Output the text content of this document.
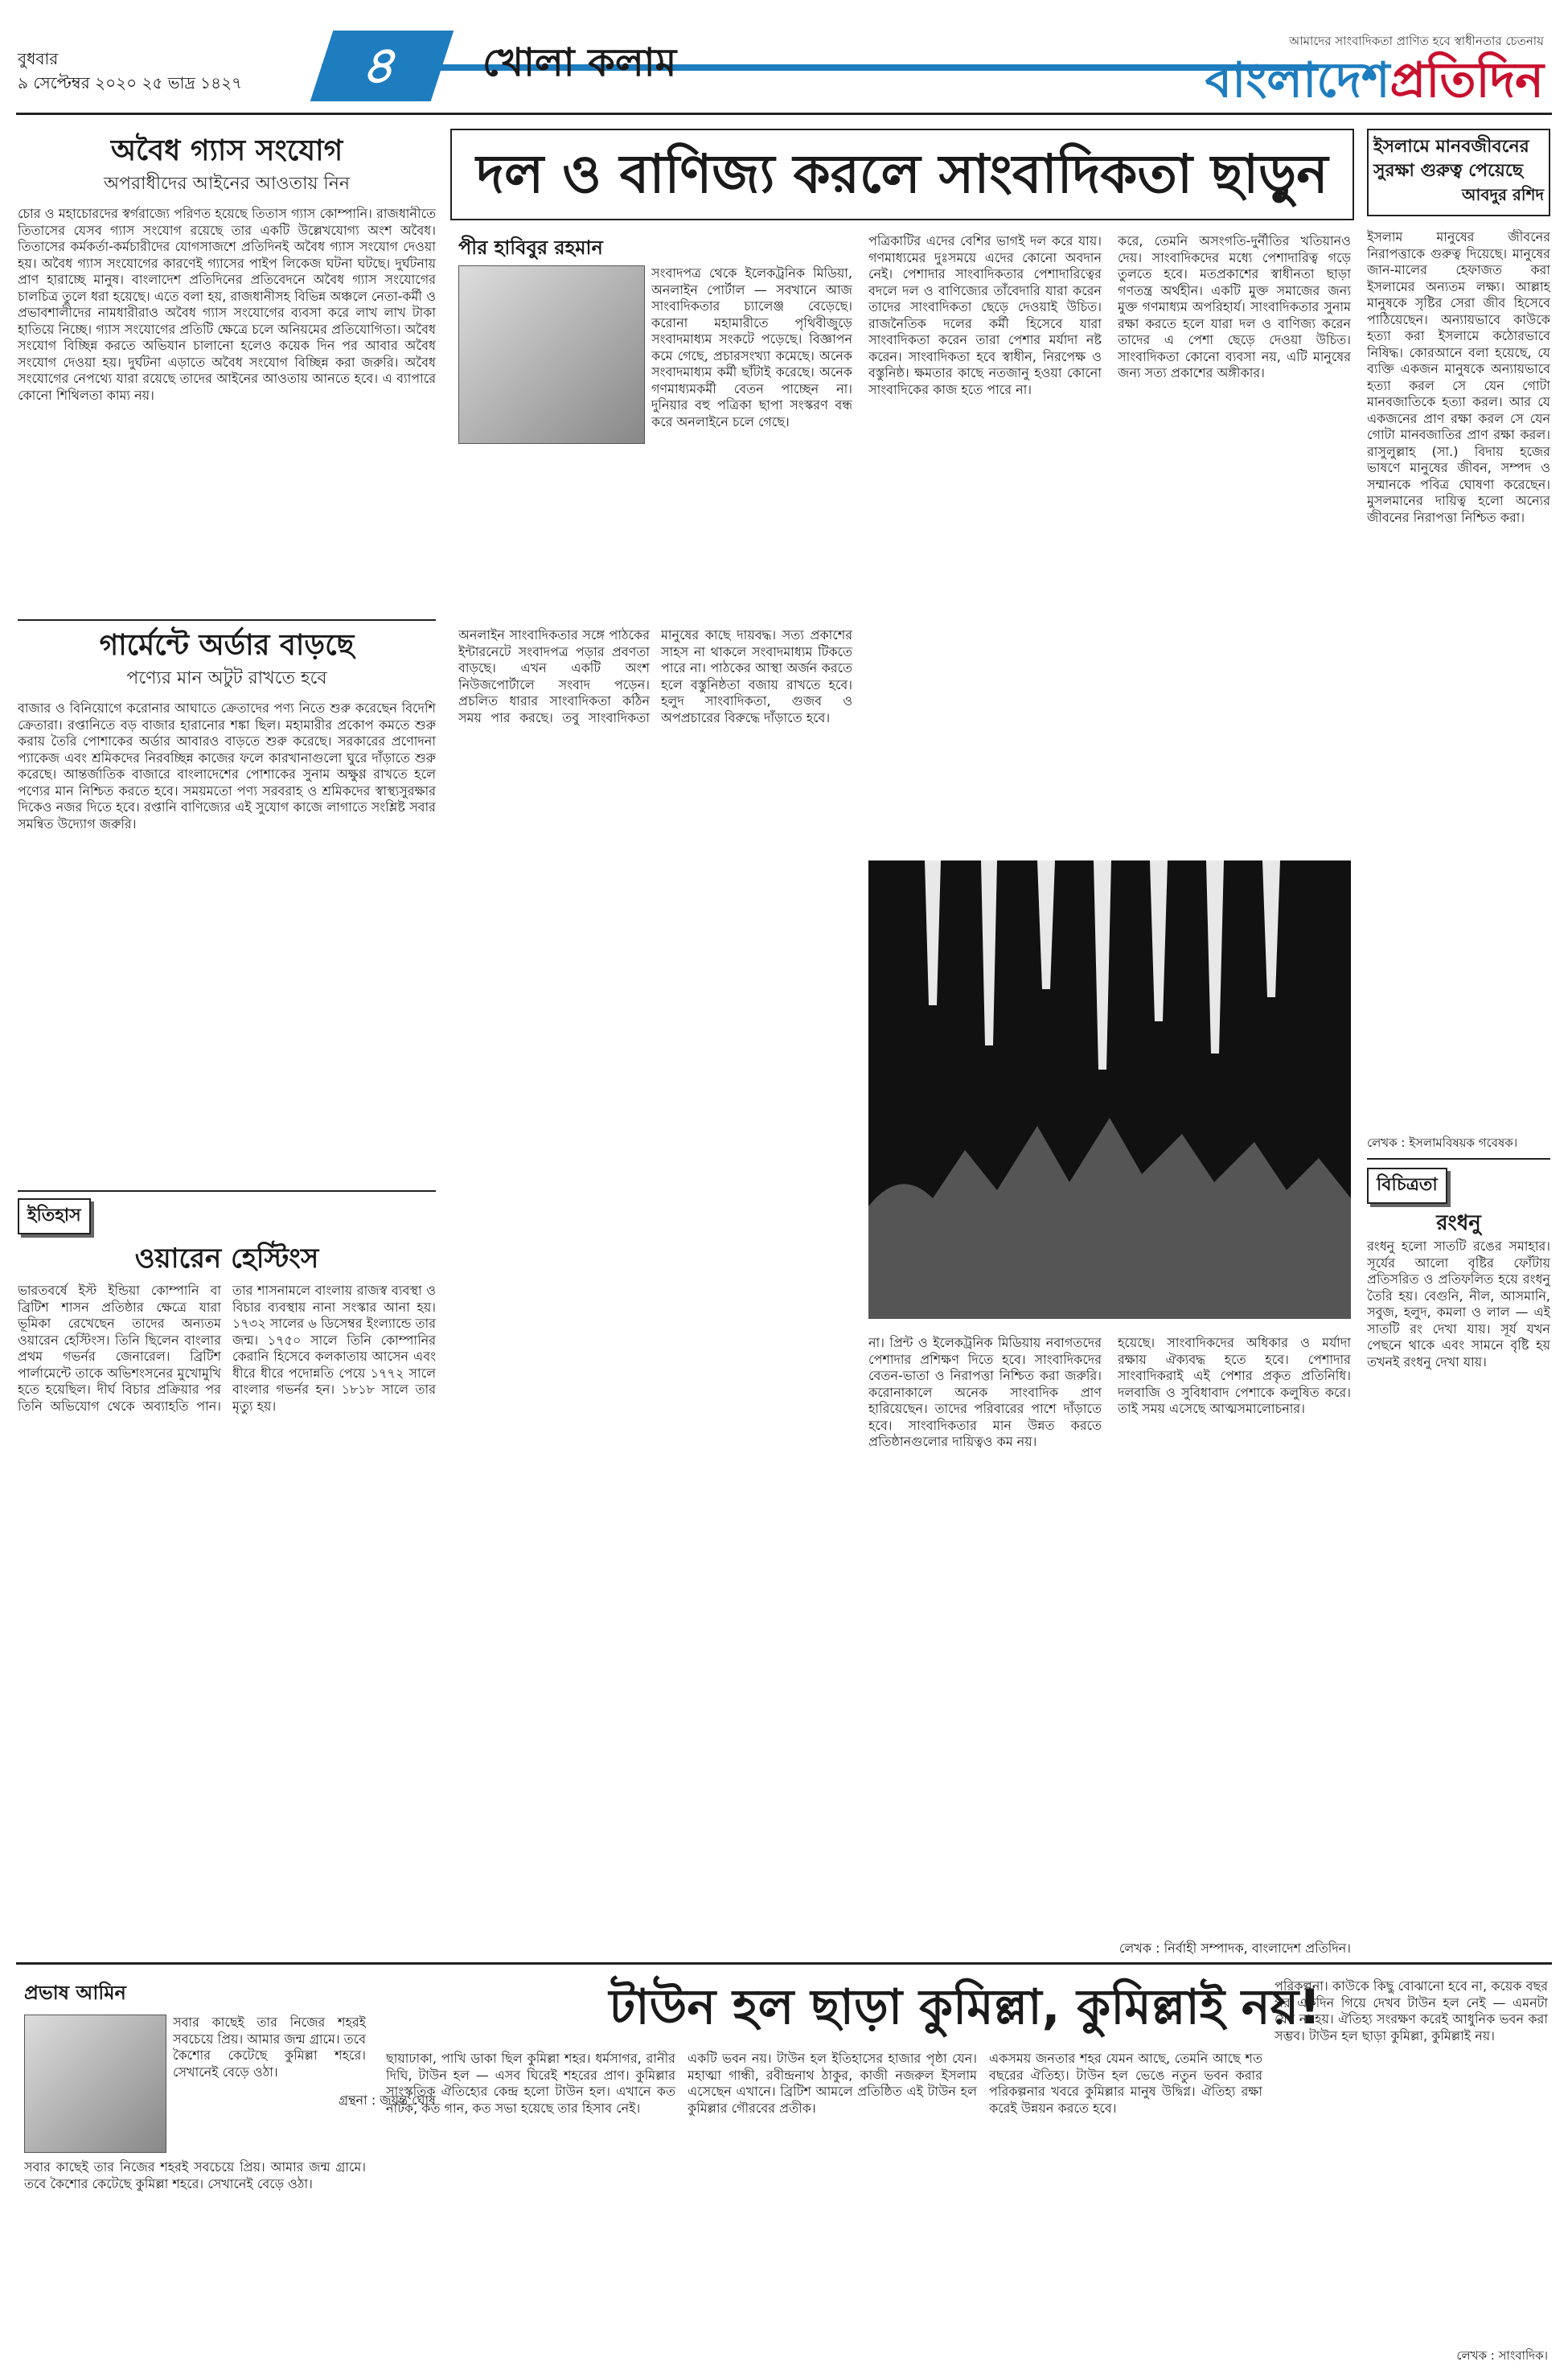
বুধবার
৯ সেপ্টেম্বর ২০২০ ২৫ ভাদ্র ১৪২৭	৪	খোলা কলাম	আমাদের সাংবাদিকতা প্রাণিত হবে স্বাধীনতার চেতনায়
বাংলাদেশপ্রতিদিন
অবৈধ গ্যাস সংযোগ
অপরাধীদের আইনের আওতায় নিন
চোর ও মহাচোরদের স্বর্গরাজ্যে পরিণত হয়েছে তিতাস গ্যাস কোম্পানি। রাজধানীতে তিতাসের যেসব গ্যাস সংযোগ রয়েছে তার একটি উল্লেখযোগ্য অংশ অবৈধ। তিতাসের কর্মকর্তা-কর্মচারীদের যোগসাজশে প্রতিদিনই অবৈধ গ্যাস সংযোগ দেওয়া হয়। অবৈধ গ্যাস সংযোগের কারণেই গ্যাসের পাইপ লিকেজ ঘটনা ঘটছে। দুর্ঘটনায় প্রাণ হারাচ্ছে মানুষ। বাংলাদেশ প্রতিদিনের প্রতিবেদনে অবৈধ গ্যাস সংযোগের চালচিত্র তুলে ধরা হয়েছে। এতে বলা হয়, রাজধানীসহ বিভিন্ন অঞ্চলে নেতা-কর্মী ও প্রভাবশালীদের নামধারীরাও অবৈধ গ্যাস সংযোগের ব্যবসা করে লাখ লাখ টাকা হাতিয়ে নিচ্ছে। গ্যাস সংযোগের প্রতিটি ক্ষেত্রে চলে অনিয়মের প্রতিযোগিতা। অবৈধ সংযোগ বিচ্ছিন্ন করতে অভিযান চালানো হলেও কয়েক দিন পর আবার অবৈধ সংযোগ দেওয়া হয়। দুর্ঘটনা এড়াতে অবৈধ সংযোগ বিচ্ছিন্ন করা জরুরি। অবৈধ সংযোগের নেপথ্যে যারা রয়েছে তাদের আইনের আওতায় আনতে হবে। এ ব্যাপারে কোনো শিথিলতা কাম্য নয়।
গার্মেন্টে অর্ডার বাড়ছে
পণ্যের মান অটুট রাখতে হবে
বাজার ও বিনিয়োগে করোনার আঘাতে ক্রেতাদের পণ্য নিতে শুরু করেছেন বিদেশি ক্রেতারা। রপ্তানিতে বড় বাজার হারানোর শঙ্কা ছিল। মহামারীর প্রকোপ কমতে শুরু করায় তৈরি পোশাকের অর্ডার আবারও বাড়তে শুরু করেছে। সরকারের প্রণোদনা প্যাকেজ এবং শ্রমিকদের নিরবচ্ছিন্ন কাজের ফলে কারখানাগুলো ঘুরে দাঁড়াতে শুরু করেছে। আন্তর্জাতিক বাজারে বাংলাদেশের পোশাকের সুনাম অক্ষুণ্ণ রাখতে হলে পণ্যের মান নিশ্চিত করতে হবে। সময়মতো পণ্য সরবরাহ ও শ্রমিকদের স্বাস্থ্যসুরক্ষার দিকেও নজর দিতে হবে। রপ্তানি বাণিজ্যের এই সুযোগ কাজে লাগাতে সংশ্লিষ্ট সবার সমন্বিত উদ্যোগ জরুরি।
ইতিহাস
ওয়ারেন হেস্টিংস
ভারতবর্ষে ইস্ট ইন্ডিয়া কোম্পানি বা ব্রিটিশ শাসন প্রতিষ্ঠার ক্ষেত্রে যারা ভূমিকা রেখেছেন তাদের অন্যতম ওয়ারেন হেস্টিংস। তিনি ছিলেন বাংলার প্রথম গভর্নর জেনারেল। ব্রিটিশ পার্লামেন্টে তাকে অভিশংসনের মুখোমুখি হতে হয়েছিল। দীর্ঘ বিচার প্রক্রিয়ার পর তিনি অভিযোগ থেকে অব্যাহতি পান। তার শাসনামলে বাংলায় রাজস্ব ব্যবস্থা ও বিচার ব্যবস্থায় নানা সংস্কার আনা হয়। ১৭৩২ সালের ৬ ডিসেম্বর ইংল্যান্ডে তার জন্ম। ১৭৫০ সালে তিনি কোম্পানির কেরানি হিসেবে কলকাতায় আসেন এবং ধীরে ধীরে পদোন্নতি পেয়ে ১৭৭২ সালে বাংলার গভর্নর হন। ১৮১৮ সালে তার মৃত্যু হয়।
গ্রন্থনা : জয়ন্ত ঘোষ
দল ও বাণিজ্য করলে সাংবাদিকতা ছাড়ুন
পীর হাবিবুর রহমান
সংবাদপত্র থেকে ইলেকট্রনিক মিডিয়া, অনলাইন পোর্টাল — সবখানে আজ সাংবাদিকতার চ্যালেঞ্জ বেড়েছে। করোনা মহামারীতে পৃথিবীজুড়ে সংবাদমাধ্যম সংকটে পড়েছে। বিজ্ঞাপন কমে গেছে, প্রচারসংখ্যা কমেছে। অনেক সংবাদমাধ্যম কর্মী ছাঁটাই করেছে। অনেক গণমাধ্যমকর্মী বেতন পাচ্ছেন না। দুনিয়ার বহু পত্রিকা ছাপা সংস্করণ বন্ধ করে অনলাইনে চলে গেছে।
অনলাইন সাংবাদিকতার সঙ্গে পাঠকের ইন্টারনেটে সংবাদপত্র পড়ার প্রবণতা বাড়ছে। এখন একটি অংশ নিউজপোর্টালে সংবাদ পড়েন। প্রচলিত ধারার সাংবাদিকতা কঠিন সময় পার করছে। তবু সাংবাদিকতা মানুষের কাছে দায়বদ্ধ। সত্য প্রকাশের সাহস না থাকলে সংবাদমাধ্যম টিকতে পারে না। পাঠকের আস্থা অর্জন করতে হলে বস্তুনিষ্ঠতা বজায় রাখতে হবে। হলুদ সাংবাদিকতা, গুজব ও অপপ্রচারের বিরুদ্ধে দাঁড়াতে হবে।
পত্রিকাটির এদের বেশির ভাগই দল করে যায়। গণমাধ্যমের দুঃসময়ে এদের কোনো অবদান নেই। পেশাদার সাংবাদিকতার পেশাদারিত্বের বদলে দল ও বাণিজ্যের তাঁবেদারি যারা করেন তাদের সাংবাদিকতা ছেড়ে দেওয়াই উচিত। রাজনৈতিক দলের কর্মী হিসেবে যারা সাংবাদিকতা করেন তারা পেশার মর্যাদা নষ্ট করেন। সাংবাদিকতা হবে স্বাধীন, নিরপেক্ষ ও বস্তুনিষ্ঠ। ক্ষমতার কাছে নতজানু হওয়া কোনো সাংবাদিকের কাজ হতে পারে না।
করে, তেমনি অসংগতি-দুর্নীতির খতিয়ানও দেয়। সাংবাদিকদের মধ্যে পেশাদারিত্ব গড়ে তুলতে হবে। মতপ্রকাশের স্বাধীনতা ছাড়া গণতন্ত্র অর্থহীন। একটি মুক্ত সমাজের জন্য মুক্ত গণমাধ্যম অপরিহার্য। সাংবাদিকতার সুনাম রক্ষা করতে হলে যারা দল ও বাণিজ্য করেন তাদের এ পেশা ছেড়ে দেওয়া উচিত। সাংবাদিকতা কোনো ব্যবসা নয়, এটি মানুষের জন্য সত্য প্রকাশের অঙ্গীকার।
না। প্রিন্ট ও ইলেকট্রনিক মিডিয়ায় নবাগতদের পেশাদার প্রশিক্ষণ দিতে হবে। সাংবাদিকদের বেতন-ভাতা ও নিরাপত্তা নিশ্চিত করা জরুরি। করোনাকালে অনেক সাংবাদিক প্রাণ হারিয়েছেন। তাদের পরিবারের পাশে দাঁড়াতে হবে। সাংবাদিকতার মান উন্নত করতে প্রতিষ্ঠানগুলোর দায়িত্বও কম নয়।
হয়েছে। সাংবাদিকদের অধিকার ও মর্যাদা রক্ষায় ঐক্যবদ্ধ হতে হবে। পেশাদার সাংবাদিকরাই এই পেশার প্রকৃত প্রতিনিধি। দলবাজি ও সুবিধাবাদ পেশাকে কলুষিত করে। তাই সময় এসেছে আত্মসমালোচনার।
লেখক : নির্বাহী সম্পাদক, বাংলাদেশ প্রতিদিন।
ইসলামে মানবজীবনের
সুরক্ষা গুরুত্ব পেয়েছে
আবদুর রশিদ
ইসলাম মানুষের জীবনের নিরাপত্তাকে গুরুত্ব দিয়েছে। মানুষের জান-মালের হেফাজত করা ইসলামের অন্যতম লক্ষ্য। আল্লাহ মানুষকে সৃষ্টির সেরা জীব হিসেবে পাঠিয়েছেন। অন্যায়ভাবে কাউকে হত্যা করা ইসলামে কঠোরভাবে নিষিদ্ধ। কোরআনে বলা হয়েছে, যে ব্যক্তি একজন মানুষকে অন্যায়ভাবে হত্যা করল সে যেন গোটা মানবজাতিকে হত্যা করল। আর যে একজনের প্রাণ রক্ষা করল সে যেন গোটা মানবজাতির প্রাণ রক্ষা করল। রাসুলুল্লাহ (সা.) বিদায় হজের ভাষণে মানুষের জীবন, সম্পদ ও সম্মানকে পবিত্র ঘোষণা করেছেন। মুসলমানের দায়িত্ব হলো অন্যের জীবনের নিরাপত্তা নিশ্চিত করা।
লেখক : ইসলামবিষয়ক গবেষক।
বিচিত্রতা
রংধনু
রংধনু হলো সাতটি রঙের সমাহার। সূর্যের আলো বৃষ্টির ফোঁটায় প্রতিসরিত ও প্রতিফলিত হয়ে রংধনু তৈরি হয়। বেগুনি, নীল, আসমানি, সবুজ, হলুদ, কমলা ও লাল — এই সাতটি রং দেখা যায়। সূর্য যখন পেছনে থাকে এবং সামনে বৃষ্টি হয় তখনই রংধনু দেখা যায়।
প্রভাষ আমিন	টাউন হল ছাড়া কুমিল্লা, কুমিল্লাই নয়!
সবার কাছেই তার নিজের শহরই সবচেয়ে প্রিয়। আমার জন্ম গ্রামে। তবে কৈশোর কেটেছে কুমিল্লা শহরে। সেখানেই বেড়ে ওঠা।
সবার কাছেই তার নিজের শহরই সবচেয়ে প্রিয়। আমার জন্ম গ্রামে। তবে কৈশোর কেটেছে কুমিল্লা শহরে। সেখানেই বেড়ে ওঠা।
ছায়াঢাকা, পাখি ডাকা ছিল কুমিল্লা শহর। ধর্মসাগর, রানীর দিঘি, টাউন হল — এসব ঘিরেই শহরের প্রাণ। কুমিল্লার সাংস্কৃতিক ঐতিহ্যের কেন্দ্র হলো টাউন হল। এখানে কত নাটক, কত গান, কত সভা হয়েছে তার হিসাব নেই।
একটি ভবন নয়। টাউন হল ইতিহাসের হাজার পৃষ্ঠা যেন। মহাত্মা গান্ধী, রবীন্দ্রনাথ ঠাকুর, কাজী নজরুল ইসলাম এসেছেন এখানে। ব্রিটিশ আমলে প্রতিষ্ঠিত এই টাউন হল কুমিল্লার গৌরবের প্রতীক।
একসময় জনতার শহর যেমন আছে, তেমনি আছে শত বছরের ঐতিহ্য। টাউন হল ভেঙে নতুন ভবন করার পরিকল্পনার খবরে কুমিল্লার মানুষ উদ্বিগ্ন। ঐতিহ্য রক্ষা করেই উন্নয়ন করতে হবে।
পরিকল্পনা। কাউকে কিছু বোঝানো হবে না, কয়েক বছর পর একদিন গিয়ে দেখব টাউন হল নেই — এমনটা যেন না হয়। ঐতিহ্য সংরক্ষণ করেই আধুনিক ভবন করা সম্ভব। টাউন হল ছাড়া কুমিল্লা, কুমিল্লাই নয়।
লেখক : সাংবাদিক।
